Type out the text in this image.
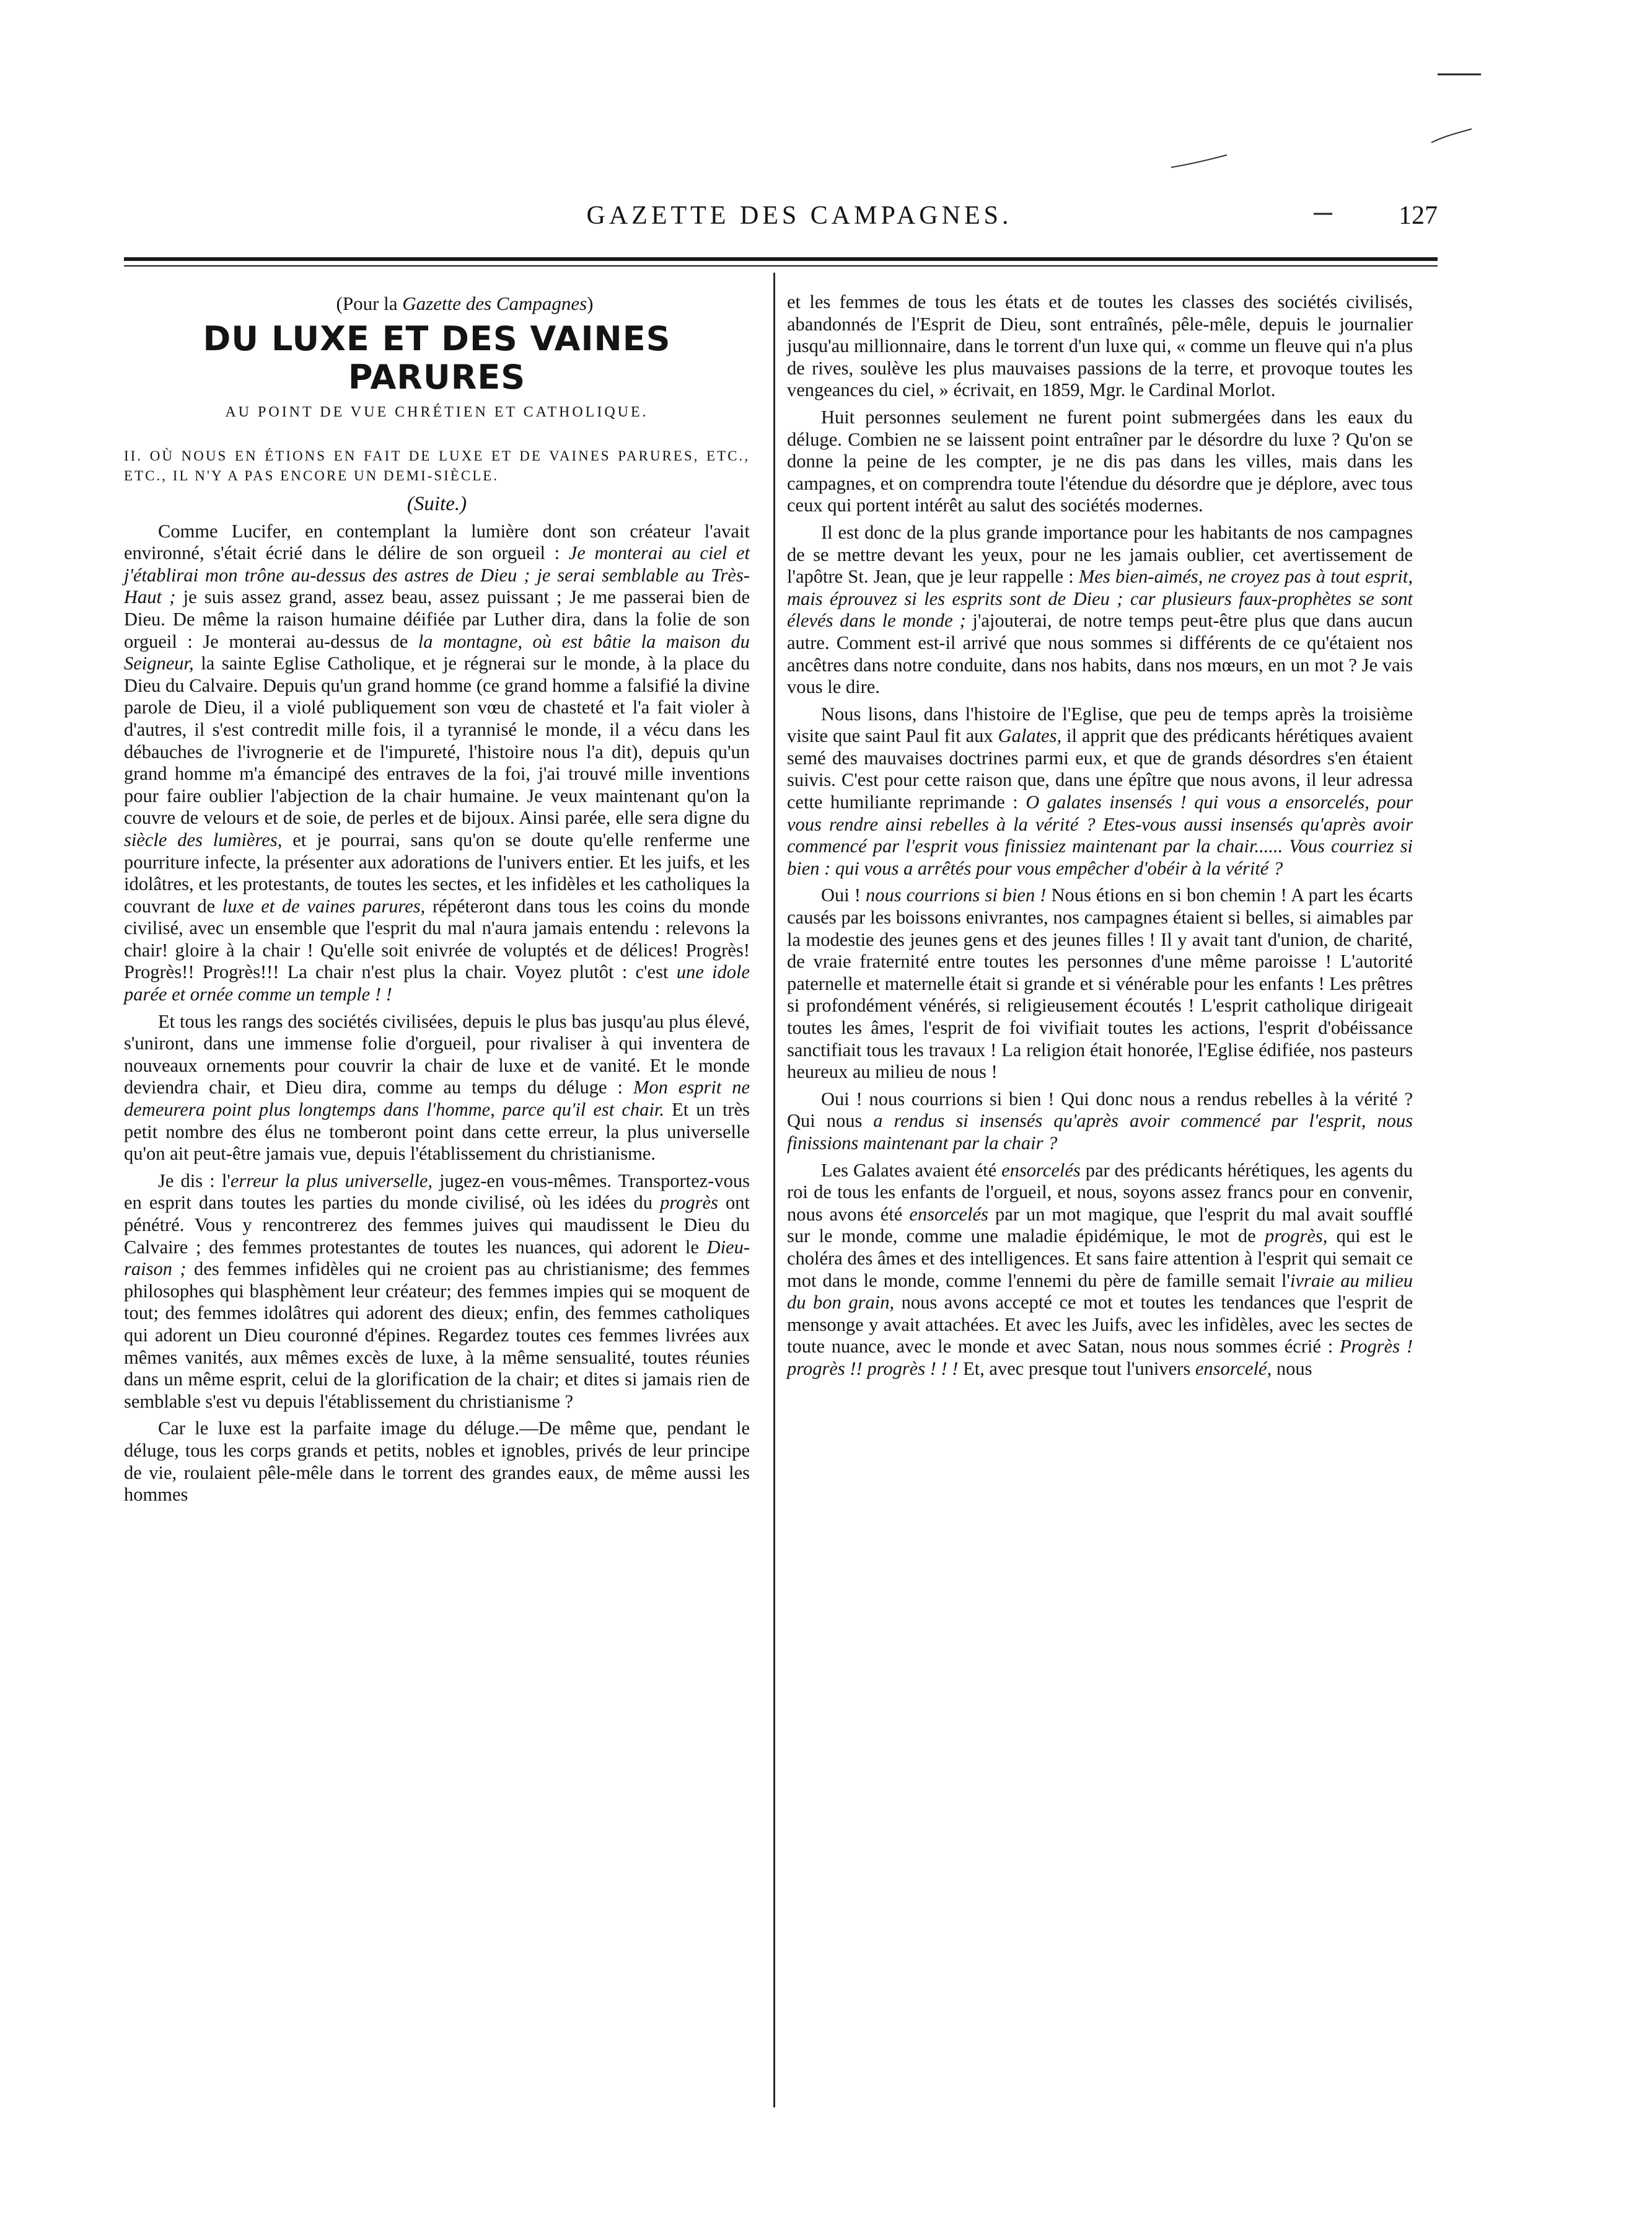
GAZETTE DES CAMPAGNES.	127
(Pour la Gazette des Campagnes)
DU LUXE ET DES VAINES PARURES
AU POINT DE VUE CHRÉTIEN ET CATHOLIQUE.
II. OÙ NOUS EN ÉTIONS EN FAIT DE LUXE ET DE VAINES PARURES, ETC., ETC., IL N'Y A PAS ENCORE UN DEMI-SIÈCLE.
(Suite.)

Comme Lucifer, en contemplant la lumière dont son créateur l'avait environné, s'était écrié dans le délire de son orgueil : Je monterai au ciel et j'établirai mon trône au-dessus des astres de Dieu ; je serai semblable au Très-Haut ; je suis assez grand, assez beau, assez puissant ; Je me passerai bien de Dieu. De même la raison humaine déifiée par Luther dira, dans la folie de son orgueil : Je monterai au-dessus de la montagne, où est bâtie la maison du Seigneur, la sainte Eglise Catholique, et je régnerai sur le monde, à la place du Dieu du Calvaire. Depuis qu'un grand homme (ce grand homme a falsifié la divine parole de Dieu, il a violé publiquement son vœu de chasteté et l'a fait violer à d'autres, il s'est contredit mille fois, il a tyrannisé le monde, il a vécu dans les débauches de l'ivrognerie et de l'impureté, l'histoire nous l'a dit), depuis qu'un grand homme m'a émancipé des entraves de la foi, j'ai trouvé mille inventions pour faire oublier l'abjection de la chair humaine. Je veux maintenant qu'on la couvre de velours et de soie, de perles et de bijoux. Ainsi parée, elle sera digne du siècle des lumières, et je pourrai, sans qu'on se doute qu'elle renferme une pourriture infecte, la présenter aux adorations de l'univers entier. Et les juifs, et les idolâtres, et les protestants, de toutes les sectes, et les infidèles et les catholiques la couvrant de luxe et de vaines parures, répéteront dans tous les coins du monde civilisé, avec un ensemble que l'esprit du mal n'aura jamais entendu : relevons la chair! gloire à la chair ! Qu'elle soit enivrée de voluptés et de délices! Progrès! Progrès!! Progrès!!! La chair n'est plus la chair. Voyez plutôt : c'est une idole parée et ornée comme un temple ! !

Et tous les rangs des sociétés civilisées, depuis le plus bas jusqu'au plus élevé, s'uniront, dans une immense folie d'orgueil, pour rivaliser à qui inventera de nouveaux ornements pour couvrir la chair de luxe et de vanité. Et le monde deviendra chair, et Dieu dira, comme au temps du déluge : Mon esprit ne demeurera point plus longtemps dans l'homme, parce qu'il est chair. Et un très petit nombre des élus ne tomberont point dans cette erreur, la plus universelle qu'on ait peut-être jamais vue, depuis l'établissement du christianisme.

Je dis : l'erreur la plus universelle, jugez-en vous-mêmes. Transportez-vous en esprit dans toutes les parties du monde civilisé, où les idées du progrès ont pénétré. Vous y rencontrerez des femmes juives qui maudissent le Dieu du Calvaire ; des femmes protestantes de toutes les nuances, qui adorent le Dieu-raison ; des femmes infidèles qui ne croient pas au christianisme; des femmes philosophes qui blasphèment leur créateur; des femmes impies qui se moquent de tout; des femmes idolâtres qui adorent des dieux; enfin, des femmes catholiques qui adorent un Dieu couronné d'épines. Regardez toutes ces femmes livrées aux mêmes vanités, aux mêmes excès de luxe, à la même sensualité, toutes réunies dans un même esprit, celui de la glorification de la chair; et dites si jamais rien de semblable s'est vu depuis l'établissement du christianisme ?

Car le luxe est la parfaite image du déluge.—De même que, pendant le déluge, tous les corps grands et petits, nobles et ignobles, privés de leur principe de vie, roulaient pêle-mêle dans le torrent des grandes eaux, de même aussi les hommes

et les femmes de tous les états et de toutes les classes des sociétés civilisés, abandonnés de l'Esprit de Dieu, sont entraînés, pêle-mêle, depuis le journalier jusqu'au millionnaire, dans le torrent d'un luxe qui, « comme un fleuve qui n'a plus de rives, soulève les plus mauvaises passions de la terre, et provoque toutes les vengeances du ciel, » écrivait, en 1859, Mgr. le Cardinal Morlot.

Huit personnes seulement ne furent point submergées dans les eaux du déluge. Combien ne se laissent point entraîner par le désordre du luxe ? Qu'on se donne la peine de les compter, je ne dis pas dans les villes, mais dans les campagnes, et on comprendra toute l'étendue du désordre que je déplore, avec tous ceux qui portent intérêt au salut des sociétés modernes.

Il est donc de la plus grande importance pour les habitants de nos campagnes de se mettre devant les yeux, pour ne les jamais oublier, cet avertissement de l'apôtre St. Jean, que je leur rappelle : Mes bien-aimés, ne croyez pas à tout esprit, mais éprouvez si les esprits sont de Dieu ; car plusieurs faux-prophètes se sont élevés dans le monde ; j'ajouterai, de notre temps peut-être plus que dans aucun autre. Comment est-il arrivé que nous sommes si différents de ce qu'étaient nos ancêtres dans notre conduite, dans nos habits, dans nos mœurs, en un mot ? Je vais vous le dire.

Nous lisons, dans l'histoire de l'Eglise, que peu de temps après la troisième visite que saint Paul fit aux Galates, il apprit que des prédicants hérétiques avaient semé des mauvaises doctrines parmi eux, et que de grands désordres s'en étaient suivis. C'est pour cette raison que, dans une épître que nous avons, il leur adressa cette humiliante reprimande : O galates insensés ! qui vous a ensorcelés, pour vous rendre ainsi rebelles à la vérité ? Etes-vous aussi insensés qu'après avoir commencé par l'esprit vous finissiez maintenant par la chair...... Vous courriez si bien : qui vous a arrêtés pour vous empêcher d'obéir à la vérité ?

Oui ! nous courrions si bien ! Nous étions en si bon chemin ! A part les écarts causés par les boissons enivrantes, nos campagnes étaient si belles, si aimables par la modestie des jeunes gens et des jeunes filles ! Il y avait tant d'union, de charité, de vraie fraternité entre toutes les personnes d'une même paroisse ! L'autorité paternelle et maternelle était si grande et si vénérable pour les enfants ! Les prêtres si profondément vénérés, si religieusement écoutés ! L'esprit catholique dirigeait toutes les âmes, l'esprit de foi vivifiait toutes les actions, l'esprit d'obéissance sanctifiait tous les travaux ! La religion était honorée, l'Eglise édifiée, nos pasteurs heureux au milieu de nous !

Oui ! nous courrions si bien ! Qui donc nous a rendus rebelles à la vérité ? Qui nous a rendus si insensés qu'après avoir commencé par l'esprit, nous finissions maintenant par la chair ?

Les Galates avaient été ensorcelés par des prédicants hérétiques, les agents du roi de tous les enfants de l'orgueil, et nous, soyons assez francs pour en convenir, nous avons été ensorcelés par un mot magique, que l'esprit du mal avait soufflé sur le monde, comme une maladie épidémique, le mot de progrès, qui est le choléra des âmes et des intelligences. Et sans faire attention à l'esprit qui semait ce mot dans le monde, comme l'ennemi du père de famille semait l'ivraie au milieu du bon grain, nous avons accepté ce mot et toutes les tendances que l'esprit de mensonge y avait attachées. Et avec les Juifs, avec les infidèles, avec les sectes de toute nuance, avec le monde et avec Satan, nous nous sommes écrié : Progrès ! progrès !! progrès ! ! ! Et, avec presque tout l'univers ensorcelé, nous
